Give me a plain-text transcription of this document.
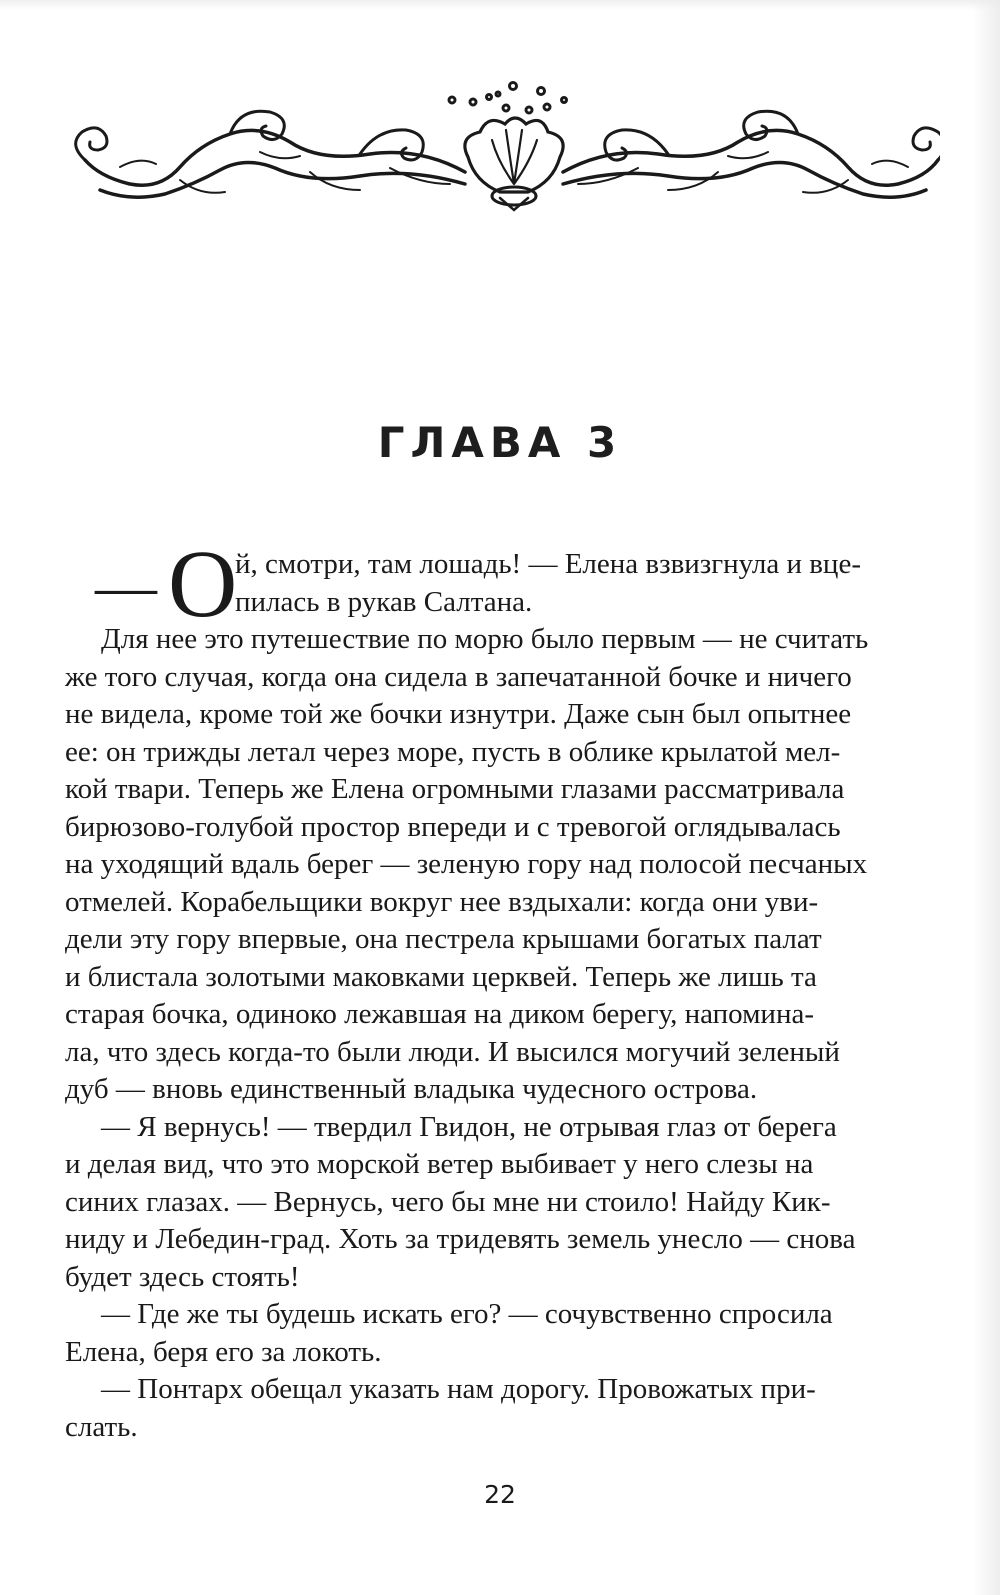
ГЛАВА 3
— О
й, смотри, там лошадь! — Елена взвизгнула и вце-
пилась в рукав Салтана.
Для нее это путешествие по морю было первым — не считать
же того случая, когда она сидела в запечатанной бочке и ничего
не видела, кроме той же бочки изнутри. Даже сын был опытнее
ее: он трижды летал через море, пусть в облике крылатой мел-
кой твари. Теперь же Елена огромными глазами рассматривала
бирюзово-голубой простор впереди и с тревогой оглядывалась
на уходящий вдаль берег — зеленую гору над полосой песчаных
отмелей. Корабельщики вокруг нее вздыхали: когда они уви-
дели эту гору впервые, она пестрела крышами богатых палат
и блистала золотыми маковками церквей. Теперь же лишь та
старая бочка, одиноко лежавшая на диком берегу, напомина-
ла, что здесь когда-то были люди. И высился могучий зеленый
дуб — вновь единственный владыка чудесного острова.
— Я вернусь! — твердил Гвидон, не отрывая глаз от берега
и делая вид, что это морской ветер выбивает у него слезы на
синих глазах. — Вернусь, чего бы мне ни стоило! Найду Кик-
ниду и Лебедин-град. Хоть за тридевять земель унесло — снова
будет здесь стоять!
— Где же ты будешь искать его? — сочувственно спросила
Елена, беря его за локоть.
— Понтарх обещал указать нам дорогу. Провожатых при-
слать.
22
